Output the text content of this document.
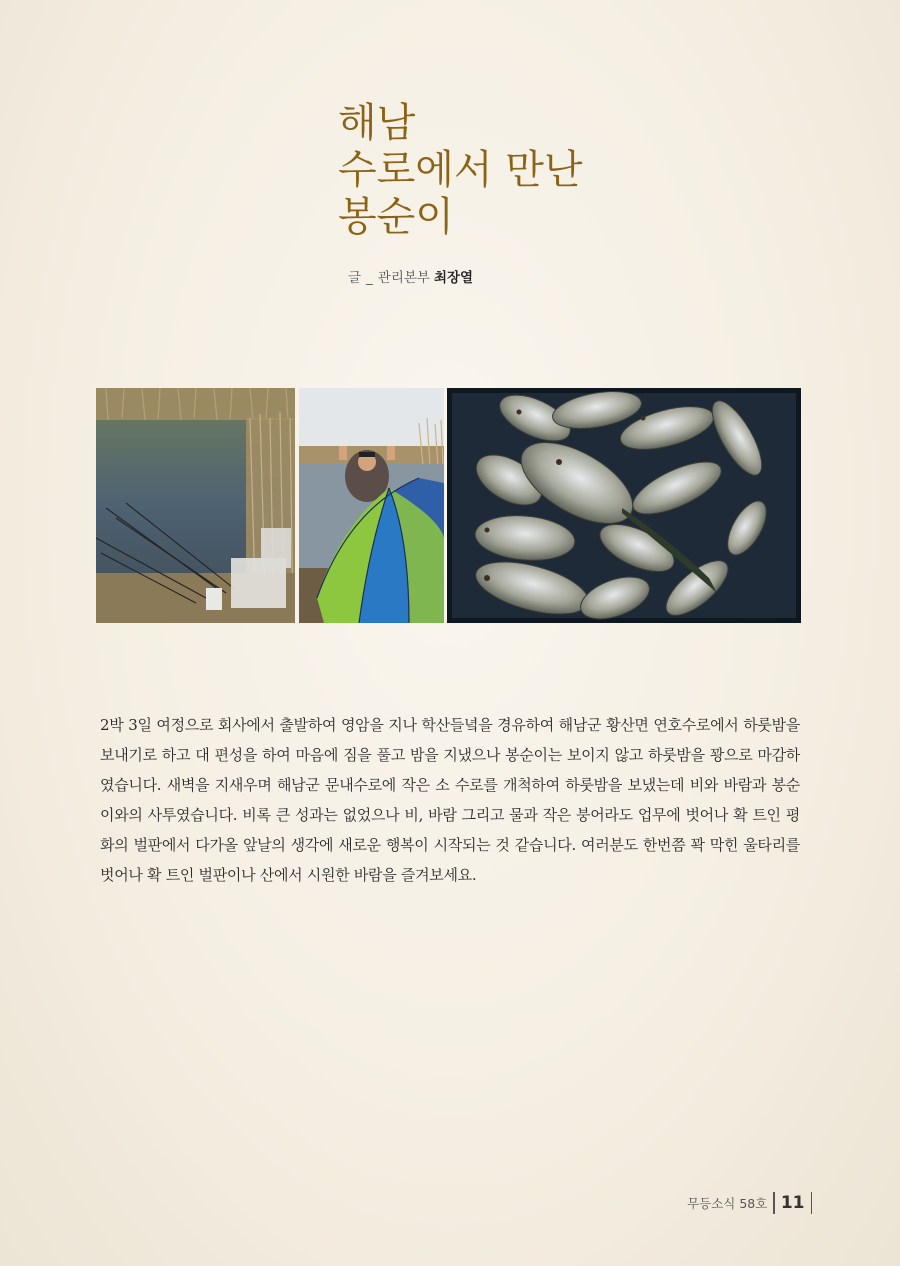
해남
수로에서 만난
봉순이
글 _ 관리본부 최장열

2박 3일 여정으로 회사에서 출발하여 영암을 지나 학산들녘을 경유하여 해남군 황산면 연호수로에서 하룻밤을 보내기로 하고 대 편성을 하여 마음에 짐을 풀고 밤을 지냈으나 봉순이는 보이지 않고 하룻밤을 꽝으로 마감하였습니다. 새벽을 지새우며 해남군 문내수로에 작은 소 수로를 개척하여 하룻밤을 보냈는데 비와 바람과 봉순이와의 사투였습니다. 비록 큰 성과는 없었으나 비, 바람 그리고 물과 작은 붕어라도 업무에 벗어나 확 트인 평화의 벌판에서 다가올 앞날의 생각에 새로운 행복이 시작되는 것 같습니다. 여러분도 한번쯤 꽉 막힌 울타리를 벗어나 확 트인 벌판이나 산에서 시원한 바람을 즐겨보세요.

무등소식 58호 11
